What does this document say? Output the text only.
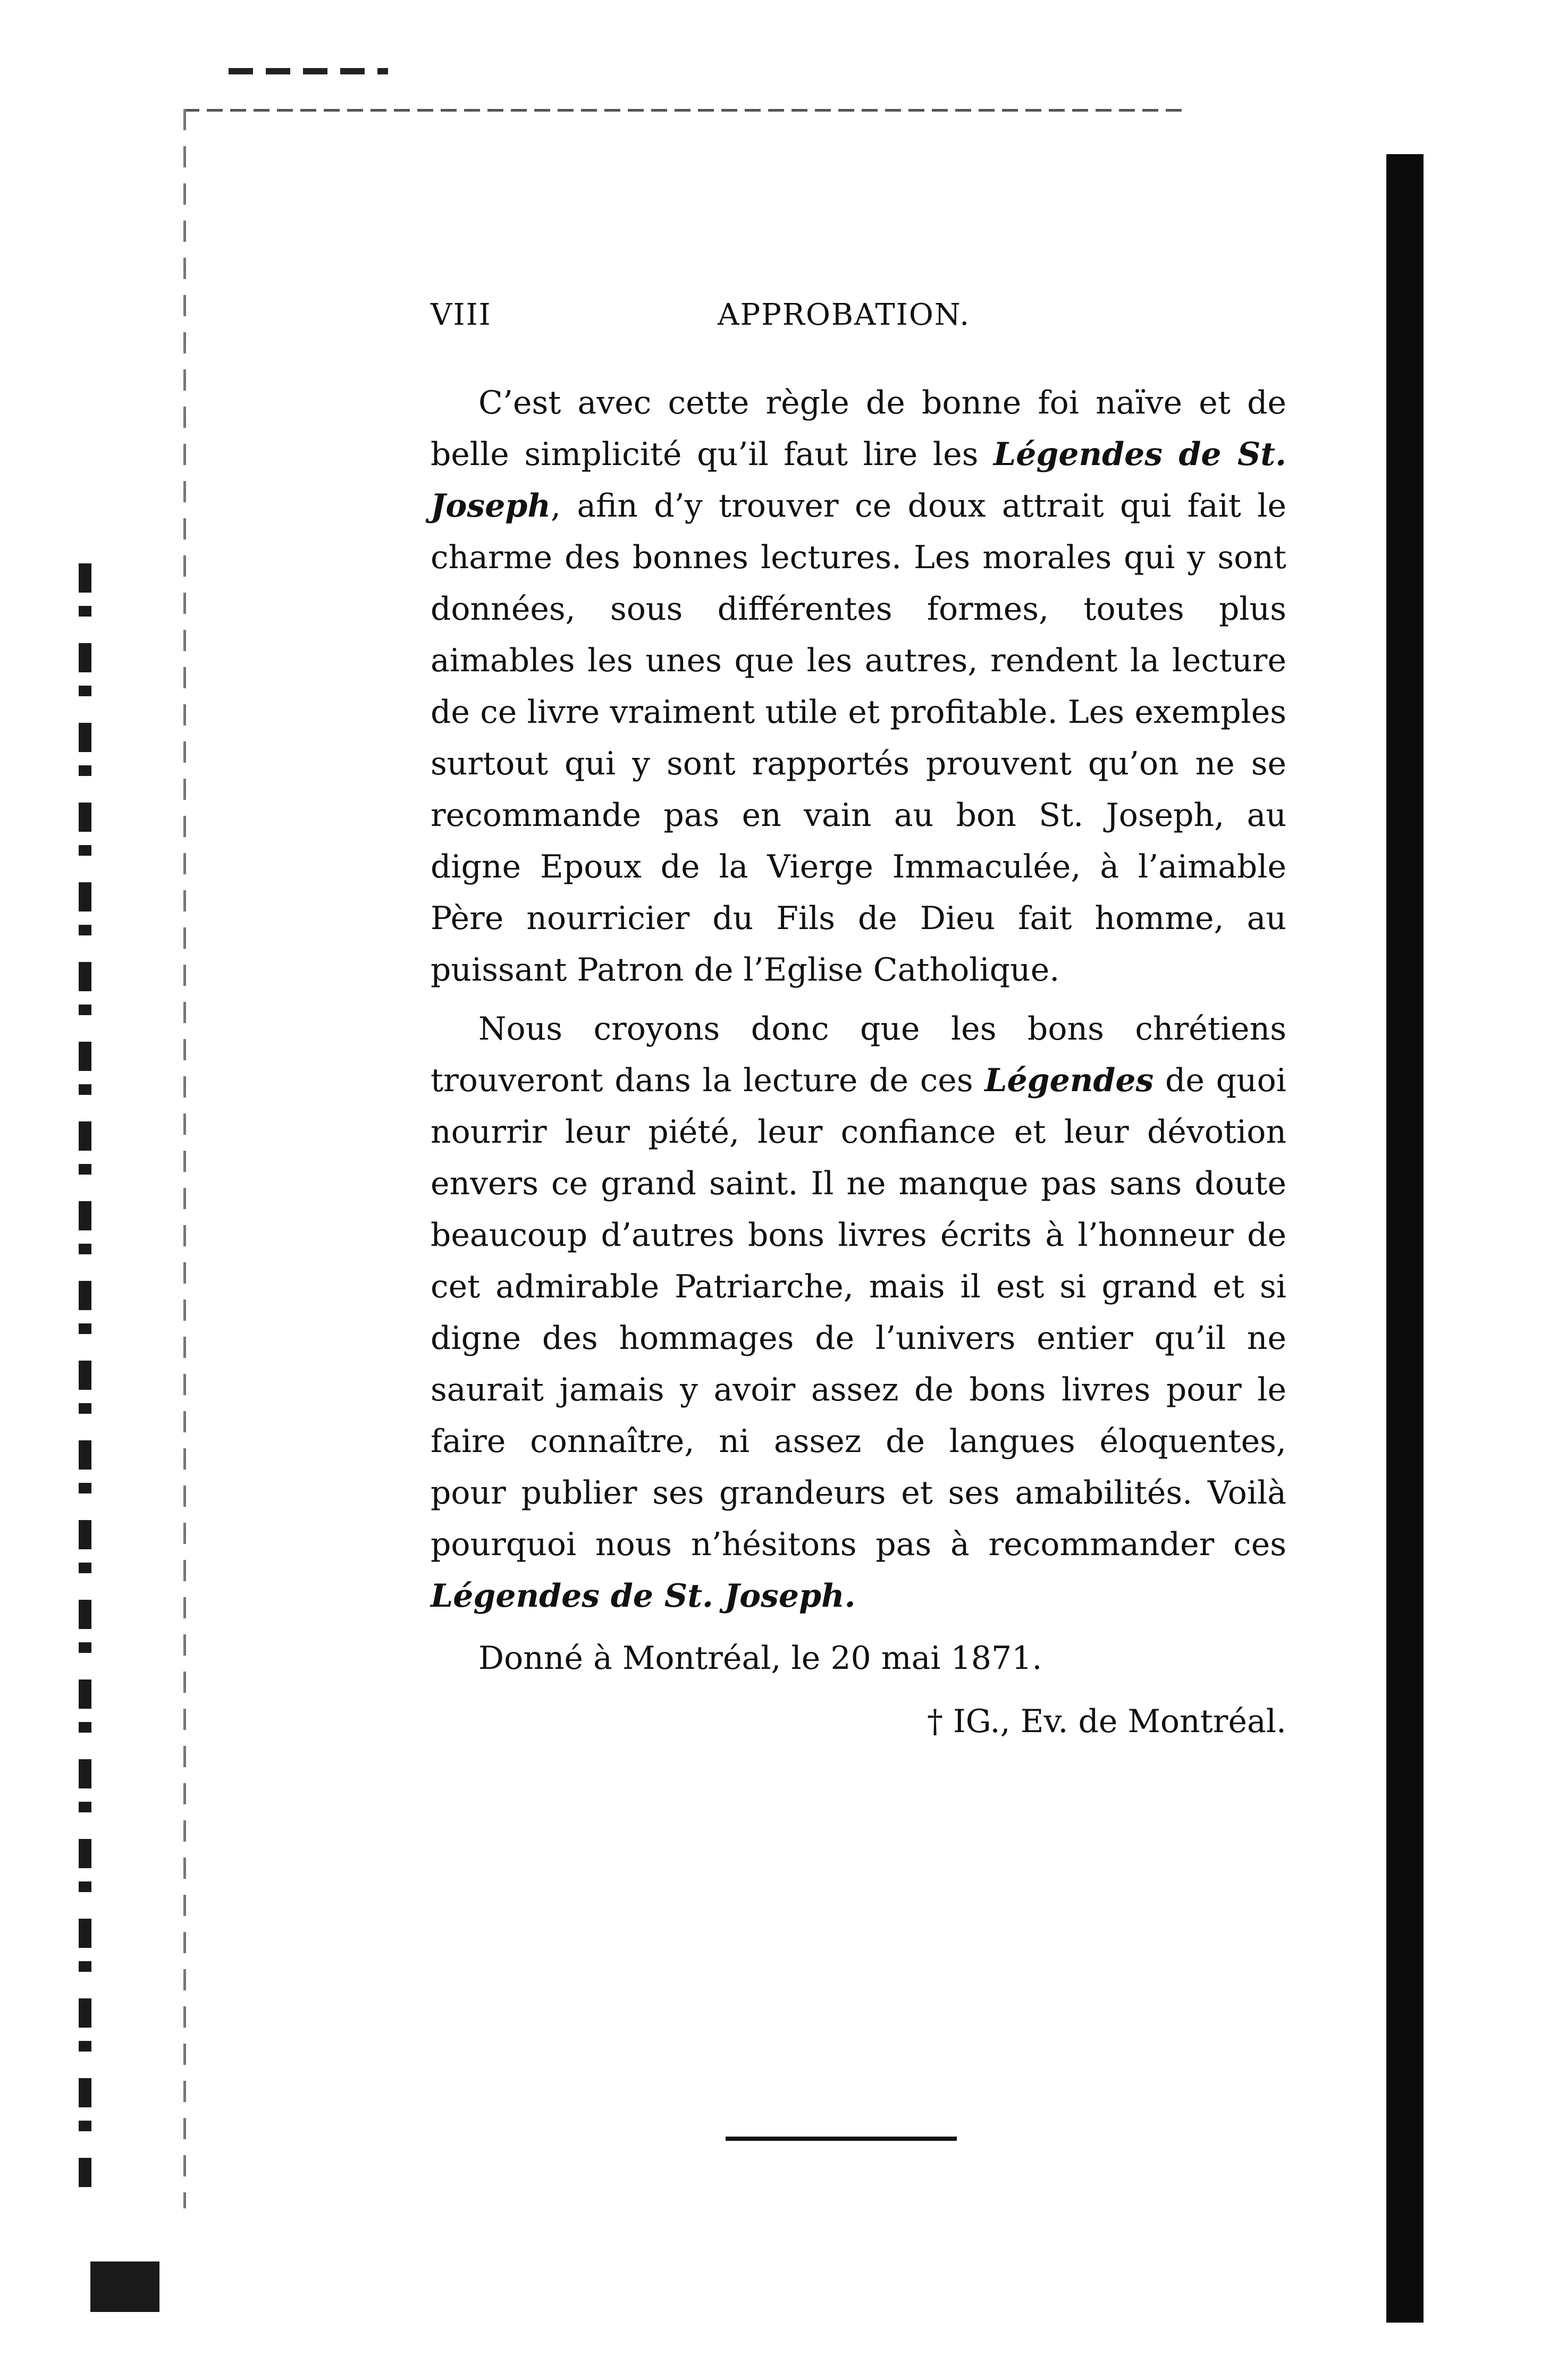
VIII	APPROBATION.

C’est avec cette règle de bonne foi naïve et de belle simplicité qu’il faut lire les Légendes de St. Joseph, afin d’y trouver ce doux attrait qui fait le charme des bonnes lectures. Les morales qui y sont données, sous différentes formes, toutes plus aimables les unes que les autres, rendent la lecture de ce livre vraiment utile et profitable. Les exemples surtout qui y sont rapportés prouvent qu’on ne se recommande pas en vain au bon St. Joseph, au digne Epoux de la Vierge Immaculée, à l’aimable Père nourricier du Fils de Dieu fait homme, au puissant Patron de l’Eglise Catholique.

Nous croyons donc que les bons chrétiens trouveront dans la lecture de ces Légendes de quoi nourrir leur piété, leur confiance et leur dévotion envers ce grand saint. Il ne manque pas sans doute beaucoup d’autres bons livres écrits à l’honneur de cet admirable Patriarche, mais il est si grand et si digne des hommages de l’univers entier qu’il ne saurait jamais y avoir assez de bons livres pour le faire connaître, ni assez de langues éloquentes, pour publier ses grandeurs et ses amabilités. Voilà pourquoi nous n’hésitons pas à recommander ces Légendes de St. Joseph.

Donné à Montréal, le 20 mai 1871.
† IG., Ev. de Montréal.
